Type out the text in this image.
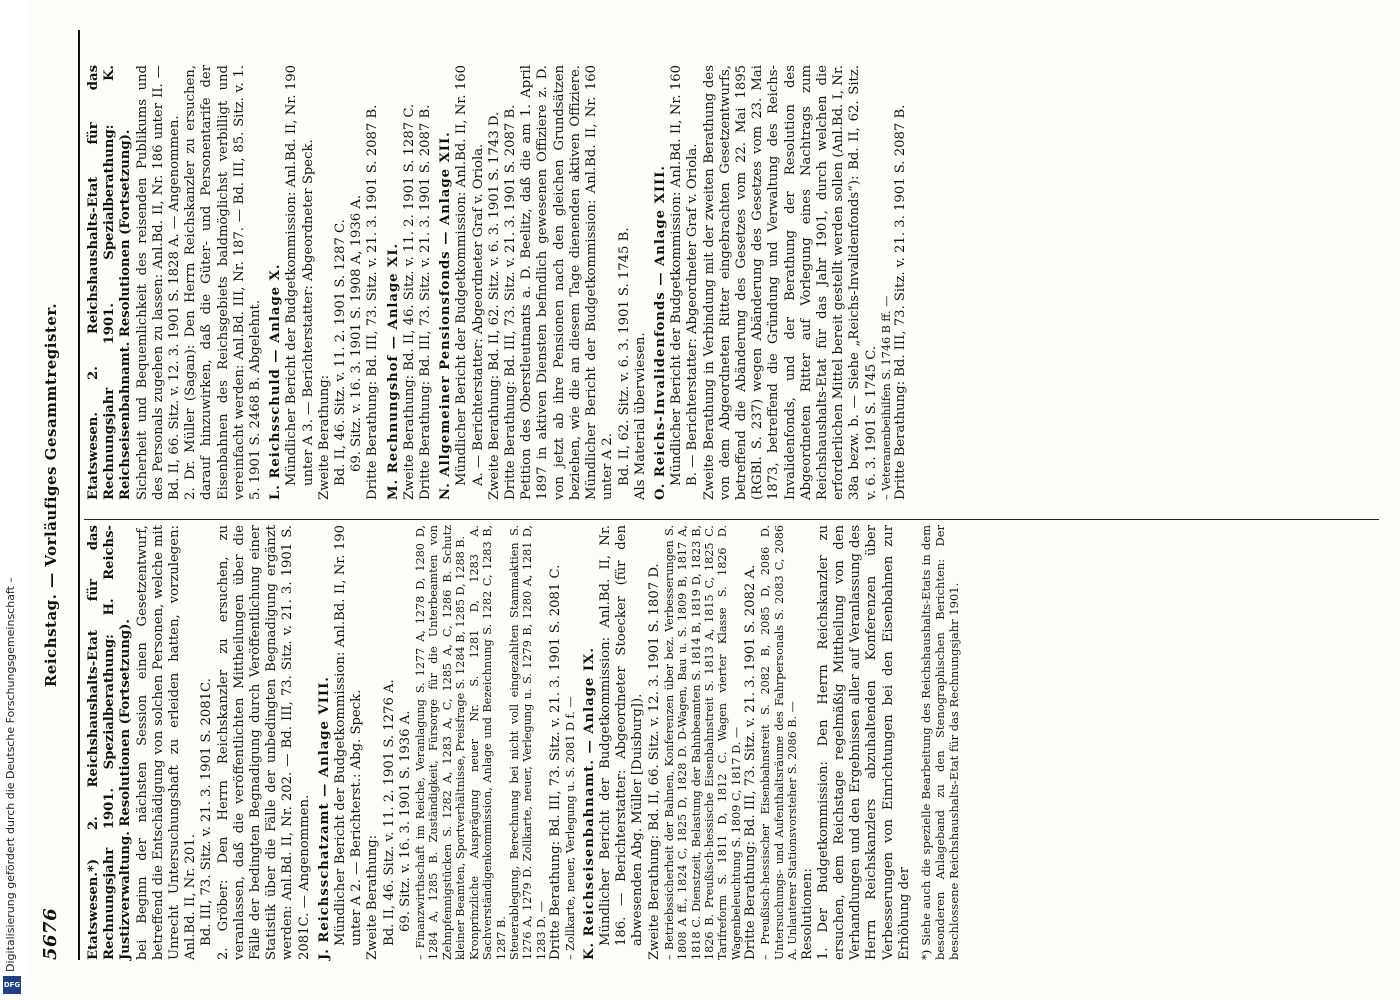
Digitalisierung gefördert durch die Deutsche Forschungsgemeinschaft –
DFG
5676
Reichstag. — Vorläufiges Gesammtregister.

Etatswesen.*) 2. Reichshaushalts-Etat für das Rechnungsjahr 1901. Spezialberathung: H. Reichs-Justizverwaltung. Resolutionen (Fortsetzung). bei Beginn der nächsten Session einen Gesetzentwurf, betreffend die Entschädigung von solchen Personen, welche mit Unrecht Untersuchungshaft zu erleiden hatten, vorzulegen: Anl.Bd. II, Nr. 201. Bd. III, 73. Sitz. v. 21. 3. 1901 S. 2081C. 2. Gröber: Den Herrn Reichskanzler zu ersuchen, zu veranlassen, daß die veröffentlichten Mittheilungen über die Fälle der bedingten Begnadigung durch Veröffentlichung einer Statistik über die Fälle der unbedingten Begnadigung ergänzt werden: Anl.Bd. II, Nr. 202. — Bd. III, 73. Sitz. v. 21. 3. 1901 S. 2081C. — Angenommen. J. Reichsschatzamt — Anlage VIII. Mündlicher Bericht der Budgetkommission: Anl.Bd. II, Nr. 190 unter A 2. — Berichterst.: Abg. Speck. Zweite Berathung: Bd. II, 46. Sitz. v. 11. 2. 1901 S. 1276 A. 69. Sitz. v. 16. 3. 1901 S. 1936 A. – Finanzwirthschaft im Reiche, Veranlagung S. 1277 A, 1278 D, 1280 D, 1284 A, 1285 B. Zuständigkeit, Fürsorge für die Unterbeamten von Zehnpfennigstücken S. 1282 A, 1283 A, C, 1285 A, C, 1286 B. Schutz kleiner Beamten, Sportverhältnisse, Preisfrage S. 1284 B, 1285 D, 1288 B. Kronprinzliche Ausprägung neuer Nr. S. 1281 D, 1283 A. Sachverständigenkommission, Anlage und Bezeichnung S. 1282 C, 1283 B, 1287 B. Steuerablegung, Berechnung bei nicht voll eingezahlten Stammaktien S. 1276 A, 1279 D. Zollkarte, neuer, Verlegung u. S. 1279 B, 1280 A, 1281 D, 1283 D. — Dritte Berathung: Bd. III, 73. Sitz. v. 21. 3. 1901 S. 2081 C. – Zollkarte, neuer, Verlegung u. S. 2081 D f. — K. Reichseisenbahnamt. — Anlage IX. Mündlicher Bericht der Budgetkommission: Anl.Bd. II, Nr. 186. — Berichterstatter: Abgeordneter Stoecker (für den abwesenden Abg. Müller [Duisburg]). Zweite Berathung: Bd. II, 66. Sitz. v. 12. 3. 1901 S. 1807 D. – Betriebssicherheit der Bahnen, Konferenzen über bez. Verbesserungen S. 1808 A ff., 1824 C, 1825 D, 1828 D. D-Wagen, Bau u. S. 1809 B, 1817 A, 1818 C. Dienstzeit, Belastung der Bahnbeamten S. 1814 B, 1819 D, 1823 B, 1826 B. Preußisch-hessische Eisenbahnstreit S. 1813 A, 1815 C, 1825 C. Tarifreform S. 1811 D, 1812 C. Wagen vierter Klasse S. 1826 D. Wagenbeleuchtung S. 1809 C, 1817 D. — Dritte Berathung: Bd. III, 73. Sitz. v. 21. 3. 1901 S. 2082 A. – Preußisch-hessischer Eisenbahnstreit S. 2082 B, 2085 D, 2086 D. Untersuchungs- und Aufenthaltsräume des Fahrpersonals S. 2083 C, 2086 A. Unlauterer Stationsvorsteher S. 2086 B. — Resolutionen: 1. Der Budgetkommission: Den Herrn Reichskanzler zu ersuchen, dem Reichstage regelmäßig Mittheilung von den Verhandlungen und den Ergebnissen aller auf Veranlassung des Herrn Reichskanzlers abzuhaltenden Konferenzen über Verbesserungen von Einrichtungen bei den Eisenbahnen zur Erhöhung der *) Siehe auch die spezielle Bearbeitung des Reichshaushalts-Etats in dem besonderen Anlageband zu den Stenographischen Berichten: Der beschlossene Reichshaushalts-Etat für das Rechnungsjahr 1901.

Etatswesen. 2. Reichshaushalts-Etat für das Rechnungsjahr 1901. Spezialberathung: K. Reichseisenbahnamt. Resolutionen (Fortsetzung). Sicherheit und Bequemlichkeit des reisenden Publikums und des Personals zugehen zu lassen: Anl.Bd. II, Nr. 186 unter II. — Bd. II, 66. Sitz. v. 12. 3. 1901 S. 1828 A. — Angenommen. 2. Dr. Müller (Sagan): Den Herrn Reichskanzler zu ersuchen, darauf hinzuwirken, daß die Güter- und Personentarife der Eisenbahnen des Reichsgebiets baldmöglichst verbilligt und vereinfacht werden: Anl.Bd. III, Nr. 187. — Bd. III, 85. Sitz. v. 1. 5. 1901 S. 2468 B. Abgelehnt. L. Reichsschuld — Anlage X. Mündlicher Bericht der Budgetkommission: Anl.Bd. II, Nr. 190 unter A 3. — Berichterstatter: Abgeordneter Speck. Zweite Berathung: Bd. II, 46. Sitz. v. 11. 2. 1901 S. 1287 C. 69. Sitz. v. 16. 3. 1901 S. 1908 A, 1936 A. Dritte Berathung: Bd. III, 73. Sitz. v. 21. 3. 1901 S. 2087 B. M. Rechnungshof — Anlage XI. Zweite Berathung: Bd. II, 46. Sitz. v. 11. 2. 1901 S. 1287 C. Dritte Berathung: Bd. III, 73. Sitz. v. 21. 3. 1901 S. 2087 B. N. Allgemeiner Pensionsfonds — Anlage XII. Mündlicher Bericht der Budgetkommission: Anl.Bd. II, Nr. 160 A. — Berichterstatter: Abgeordneter Graf v. Oriola. Zweite Berathung: Bd. II, 62. Sitz. v. 6. 3. 1901 S. 1743 D. Dritte Berathung: Bd. III, 73. Sitz. v. 21. 3. 1901 S. 2087 B. Petition des Oberstleutnants a. D. Beelitz, daß die am 1. April 1897 in aktiven Diensten befindlich gewesenen Offiziere z. D. von jetzt ab ihre Pensionen nach den gleichen Grundsätzen beziehen, wie die an diesem Tage dienenden aktiven Offiziere. Mündlicher Bericht der Budgetkommission: Anl.Bd. II, Nr. 160 unter A 2. Bd. II, 62. Sitz. v. 6. 3. 1901 S. 1745 B. Als Material überwiesen. O. Reichs-Invalidenfonds — Anlage XIII. Mündlicher Bericht der Budgetkommission: Anl.Bd. II, Nr. 160 B. — Berichterstatter: Abgeordneter Graf v. Oriola. Zweite Berathung in Verbindung mit der zweiten Berathung des von dem Abgeordneten Ritter eingebrachten Gesetzentwurfs, betreffend die Abänderung des Gesetzes vom 22. Mai 1895 (RGBl. S. 237) wegen Abänderung des Gesetzes vom 23. Mai 1873, betreffend die Gründung und Verwaltung des Reichs-Invalidenfonds, und der Berathung der Resolution des Abgeordneten Ritter auf Vorlegung eines Nachtrags zum Reichshaushalts-Etat für das Jahr 1901, durch welchen die erforderlichen Mittel bereit gestellt werden sollen (Anl.Bd. I, Nr. 38a bezw. b. — Siehe „Reichs-Invalidenfonds“): Bd. II, 62. Sitz. v. 6. 3. 1901 S. 1745 C. – Veteranenbeihilfen S. 1746 B ff. — Dritte Berathung: Bd. III, 73. Sitz. v. 21. 3. 1901 S. 2087 B.
